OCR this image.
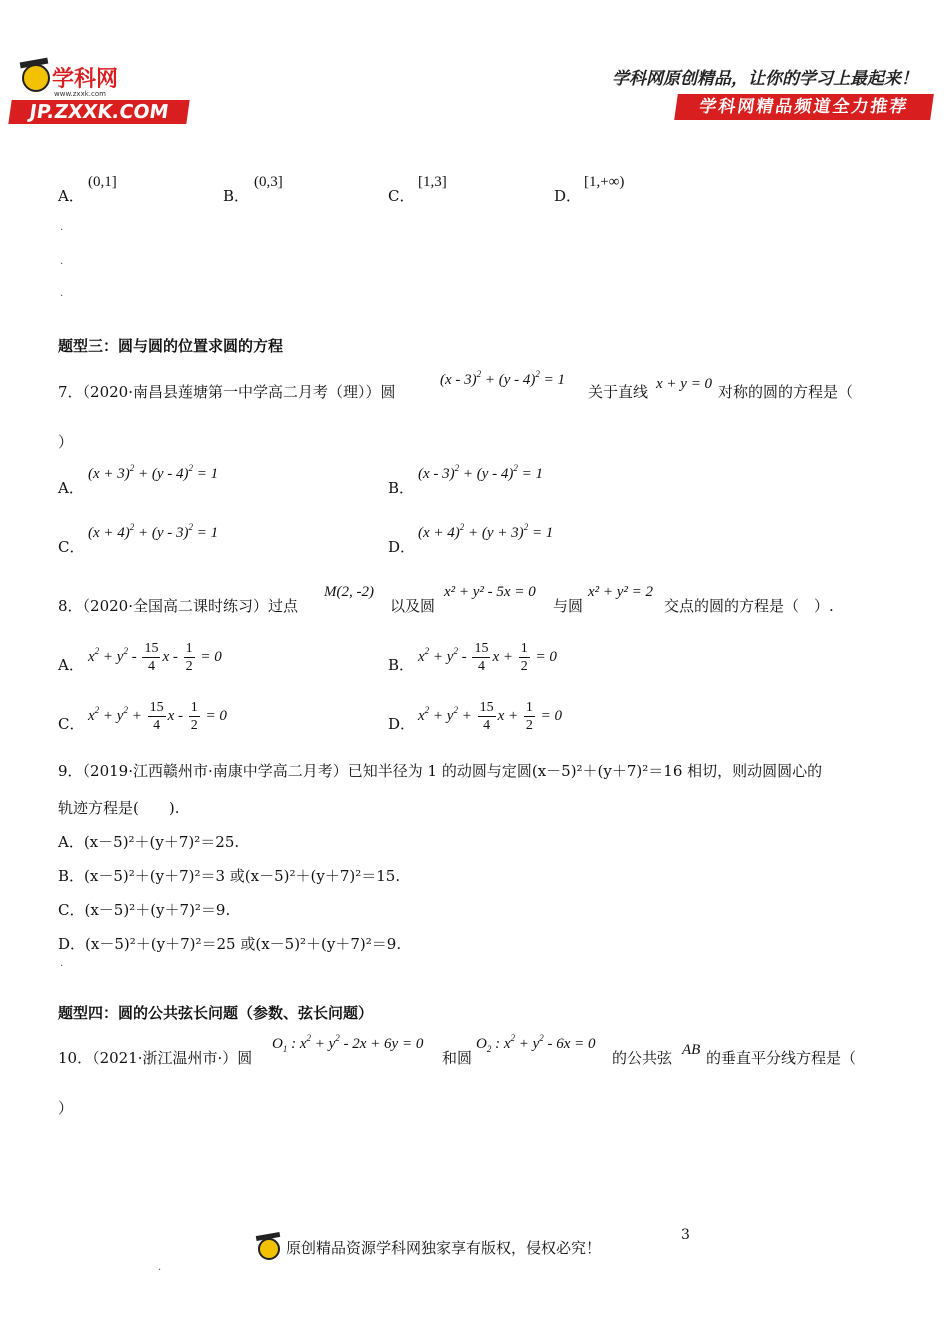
学科网
www.zxxk.com
JP.ZXXK.COM
学科网原创精品，让你的学习上最起来！
学科网精品频道全力推荐
A．
(0,1]
B．
(0,3]
C．
[1,3]
D．
[1,+∞)
.
.
.
题型三：圆与圆的位置求圆的方程
7．（2020·南昌县莲塘第一中学高二月考（理））圆
(x - 3)$^2$ + (y - 4)$^2$ = 1
关于直线 x + y = 0 对称的圆的方程是（
）
A．
$(x + 3)^2 + (y - 4)^2 = 1$
B．
(x - 3)$^2$ + (y - 4)$^2$ = 1
C．
$(x + 4)^2 + (y - 3)^2 = 1$
D．
$(x + 4)^2 + (y + 3)^2 = 1$
8．（2020·全国高二课时练习）过点
M(2, -2)
以及圆
x² + y² - 5x = 0
与圆
x² + y² = 2
交点的圆的方程是（　）.
A． $x^2 + y^2 - \frac{15}{4}$ $x - \frac{1}{2} = 0$	B． $x^2 + y^2 - \frac{15}{4}$ $x + \frac{1}{2} = 0$
C． $x^2 + y^2 + \frac{15}{4}$ $x - \frac{1}{2} = 0$	D． $x^2 + y^2 + \frac{15}{4}$ $x + \frac{1}{2} = 0$
9．（2019·江西赣州市·南康中学高二月考）已知半径为 1 的动圆与定圆(x－5)²＋(y＋7)²＝16 相切，则动圆圆心的
轨迹方程是(　　).
A．(x－5)²＋(y＋7)²＝25.
B．(x－5)²＋(y＋7)²＝3 或(x－5)²＋(y＋7)²＝15.
C．(x－5)²＋(y＋7)²＝9.
D．(x－5)²＋(y＋7)²＝25 或(x－5)²＋(y＋7)²＝9.
.
题型四：圆的公共弦长问题（参数、弦长问题）
10．（2021·浙江温州市·）圆
$O_1$ : $x^2 + y^2 - 2x + 6y = 0$
和圆
$O_2$ : $x^2 + y^2 - 6x = 0$
的公共弦 AB 的垂直平分线方程是（
）
3
原创精品资源学科网独家享有版权，侵权必究！
.
